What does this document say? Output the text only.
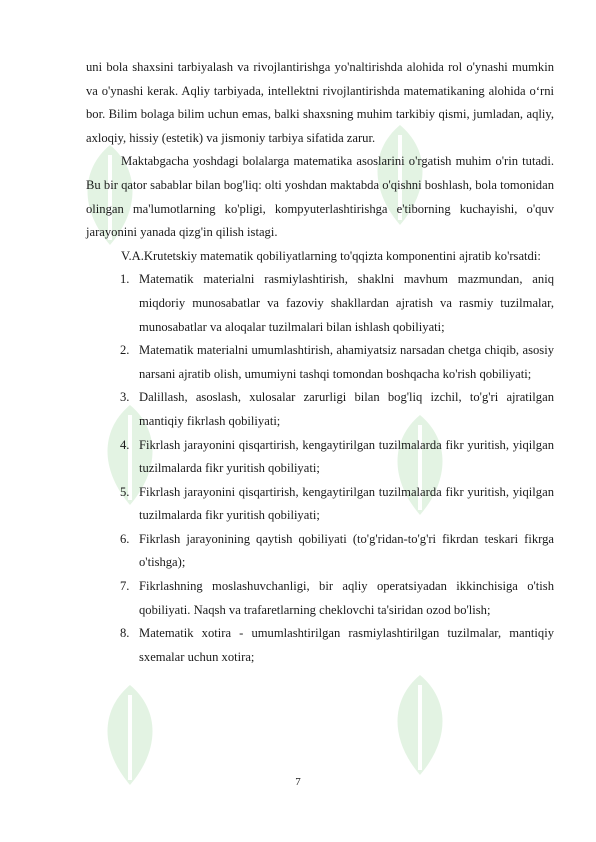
uni bola shaxsini tarbiyalash va rivojlantirishga yo'naltirishda alohida rol o'ynashi mumkin va o'ynashi kerak. Aqliy tarbiyada, intellektni rivojlantirishda matematikaning alohida o‘rni bor. Bilim bolaga bilim uchun emas, balki shaxsning muhim tarkibiy qismi, jumladan, aqliy, axloqiy, hissiy (estetik) va jismoniy tarbiya sifatida zarur.

Maktabgacha yoshdagi bolalarga matematika asoslarini o'rgatish muhim o'rin tutadi. Bu bir qator sabablar bilan bog'liq: olti yoshdan maktabda o'qishni boshlash, bola tomonidan olingan ma'lumotlarning ko'pligi, kompyuterlashtirishga e'tiborning kuchayishi, o'quv jarayonini yanada qizg'in qilish istagi.

V.A.Krutetskiy matematik qobiliyatlarning to'qqizta komponentini ajratib ko'rsatdi:

1. Matematik materialni rasmiylashtirish, shaklni mavhum mazmundan, aniq miqdoriy munosabatlar va fazoviy shakllardan ajratish va rasmiy tuzilmalar, munosabatlar va aloqalar tuzilmalari bilan ishlash qobiliyati;
2. Matematik materialni umumlashtirish, ahamiyatsiz narsadan chetga chiqib, asosiy narsani ajratib olish, umumiyni tashqi tomondan boshqacha ko'rish qobiliyati;
3. Dalillash, asoslash, xulosalar zarurligi bilan bog'liq izchil, to'g'ri ajratilgan mantiqiy fikrlash qobiliyati;
4. Fikrlash jarayonini qisqartirish, kengaytirilgan tuzilmalarda fikr yuritish, yiqilgan tuzilmalarda fikr yuritish qobiliyati;
5. Fikrlash jarayonini qisqartirish, kengaytirilgan tuzilmalarda fikr yuritish, yiqilgan tuzilmalarda fikr yuritish qobiliyati;
6. Fikrlash jarayonining qaytish qobiliyati (to'g'ridan-to'g'ri fikrdan teskari fikrga o'tishga);
7. Fikrlashning moslashuvchanligi, bir aqliy operatsiyadan ikkinchisiga o'tish qobiliyati. Naqsh va trafaretlarning cheklovchi ta'siridan ozod bo'lish;
8. Matematik xotira - umumlashtirilgan rasmiylashtirilgan tuzilmalar, mantiqiy sxemalar uchun xotira;
7
